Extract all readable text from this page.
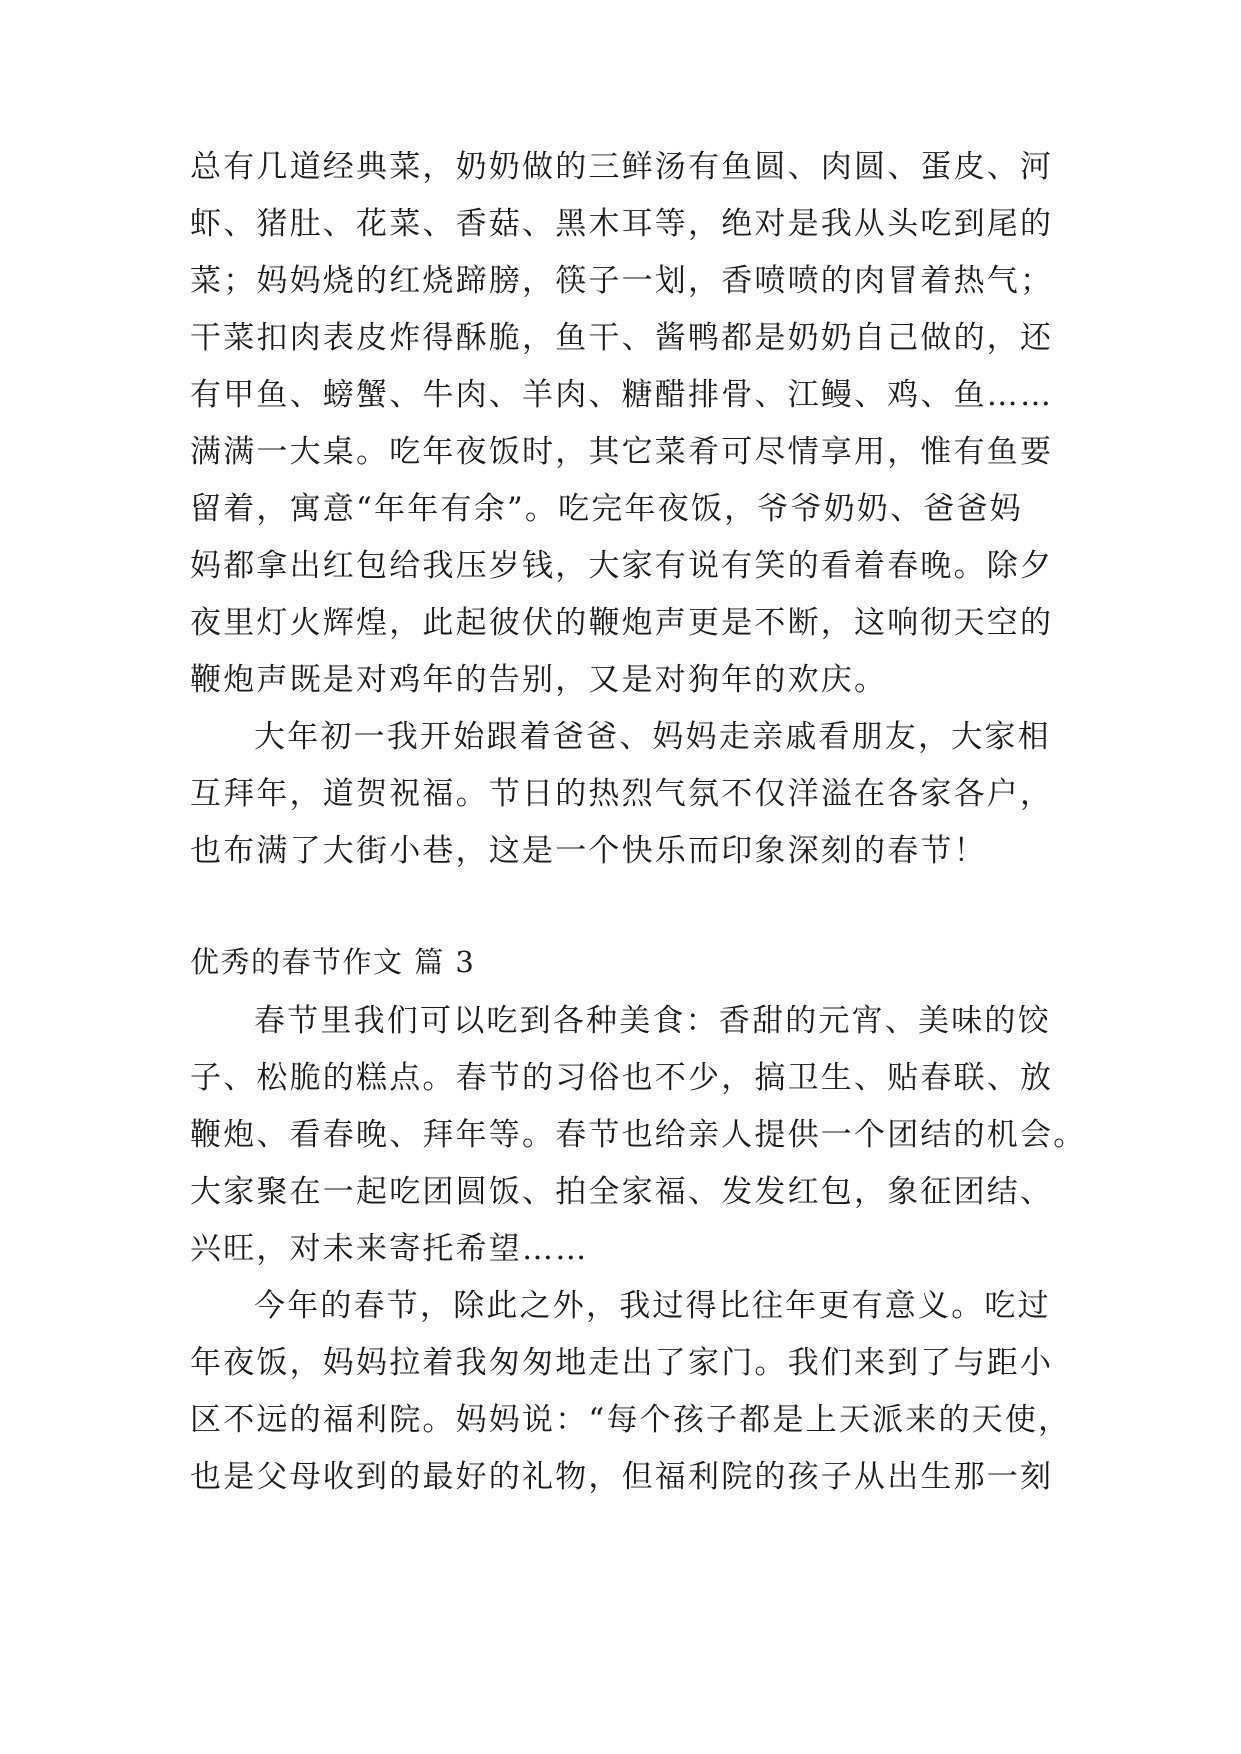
总有几道经典菜，奶奶做的三鲜汤有鱼圆、肉圆、蛋皮、河
虾、猪肚、花菜、香菇、黑木耳等，绝对是我从头吃到尾的
菜；妈妈烧的红烧蹄膀，筷子一划，香喷喷的肉冒着热气；
干菜扣肉表皮炸得酥脆，鱼干、酱鸭都是奶奶自己做的，还
有甲鱼、螃蟹、牛肉、羊肉、糖醋排骨、江鳗、鸡、鱼……
满满一大桌。吃年夜饭时，其它菜肴可尽情享用，惟有鱼要
留着，寓意“年年有余”。吃完年夜饭，爷爷奶奶、爸爸妈
妈都拿出红包给我压岁钱，大家有说有笑的看着春晚。除夕
夜里灯火辉煌，此起彼伏的鞭炮声更是不断，这响彻天空的
鞭炮声既是对鸡年的告别，又是对狗年的欢庆。
大年初一我开始跟着爸爸、妈妈走亲戚看朋友，大家相
互拜年，道贺祝福。节日的热烈气氛不仅洋溢在各家各户，
也布满了大街小巷，这是一个快乐而印象深刻的春节！
优秀的春节作文 篇 3
春节里我们可以吃到各种美食：香甜的元宵、美味的饺
子、松脆的糕点。春节的习俗也不少，搞卫生、贴春联、放
鞭炮、看春晚、拜年等。春节也给亲人提供一个团结的机会。
大家聚在一起吃团圆饭、拍全家福、发发红包，象征团结、
兴旺，对未来寄托希望……
今年的春节，除此之外，我过得比往年更有意义。吃过
年夜饭，妈妈拉着我匆匆地走出了家门。我们来到了与距小
区不远的福利院。妈妈说：“每个孩子都是上天派来的天使，
也是父母收到的最好的礼物，但福利院的孩子从出生那一刻
